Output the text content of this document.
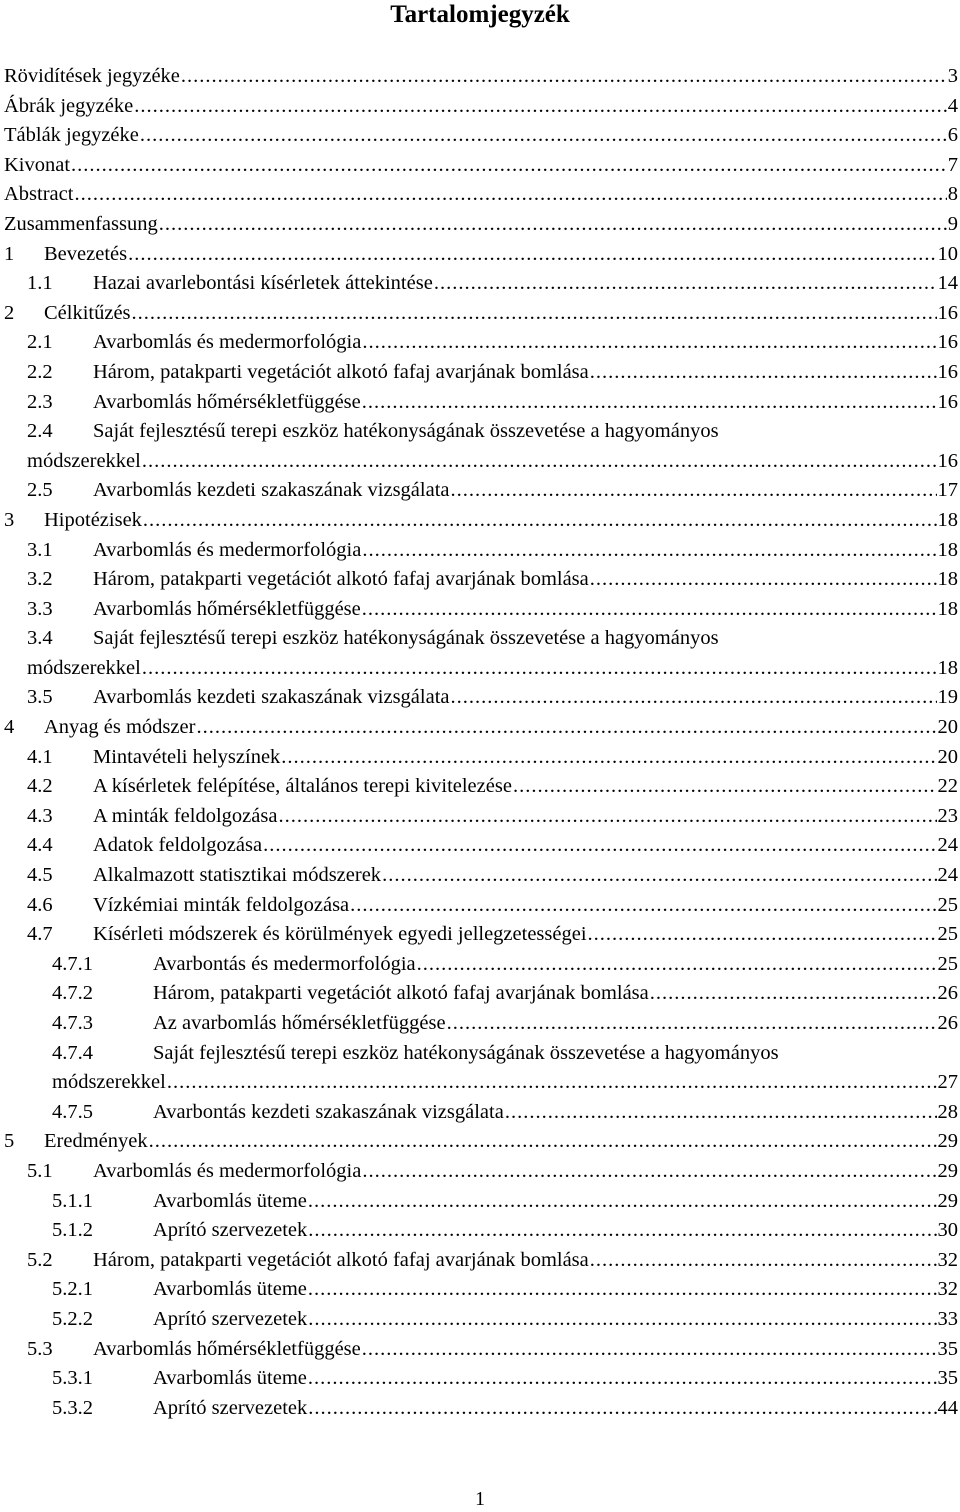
Tartalomjegyzék
Rövidítések jegyzéke .....	3
Ábrák jegyzéke .....	4
Táblák jegyzéke .....	6
Kivonat .....	7
Abstract .....	8
Zusammenfassung .....	9
1	Bevezetés .....	10
1.1	Hazai avarlebontási kísérletek áttekintése .....	14
2	Célkitűzés .....	16
2.1	Avarbomlás és medermorfológia .....	16
2.2	Három, patakparti vegetációt alkotó fafaj avarjának bomlása .....	16
2.3	Avarbomlás hőmérsékletfüggése .....	16
2.4	Saját fejlesztésű terepi eszköz hatékonyságának összevetése a hagyományos
módszerekkel .....	16
2.5	Avarbomlás kezdeti szakaszának vizsgálata .....	17
3	Hipotézisek .....	18
3.1	Avarbomlás és medermorfológia .....	18
3.2	Három, patakparti vegetációt alkotó fafaj avarjának bomlása .....	18
3.3	Avarbomlás hőmérsékletfüggése .....	18
3.4	Saját fejlesztésű terepi eszköz hatékonyságának összevetése a hagyományos
módszerekkel .....	18
3.5	Avarbomlás kezdeti szakaszának vizsgálata .....	19
4	Anyag és módszer .....	20
4.1	Mintavételi helyszínek .....	20
4.2	A kísérletek felépítése, általános terepi kivitelezése .....	22
4.3	A minták feldolgozása .....	23
4.4	Adatok feldolgozása .....	24
4.5	Alkalmazott statisztikai módszerek .....	24
4.6	Vízkémiai minták feldolgozása .....	25
4.7	Kísérleti módszerek és körülmények egyedi jellegzetességei .....	25
4.7.1	Avarbontás és medermorfológia .....	25
4.7.2	Három, patakparti vegetációt alkotó fafaj avarjának bomlása .....	26
4.7.3	Az avarbomlás hőmérsékletfüggése .....	26
4.7.4	Saját fejlesztésű terepi eszköz hatékonyságának összevetése a hagyományos
módszerekkel .....	27
4.7.5	Avarbontás kezdeti szakaszának vizsgálata .....	28
5	Eredmények .....	29
5.1	Avarbomlás és medermorfológia .....	29
5.1.1	Avarbomlás üteme .....	29
5.1.2	Aprító szervezetek .....	30
5.2	Három, patakparti vegetációt alkotó fafaj avarjának bomlása .....	32
5.2.1	Avarbomlás üteme .....	32
5.2.2	Aprító szervezetek .....	33
5.3	Avarbomlás hőmérsékletfüggése .....	35
5.3.1	Avarbomlás üteme .....	35
5.3.2	Aprító szervezetek .....	44
1
